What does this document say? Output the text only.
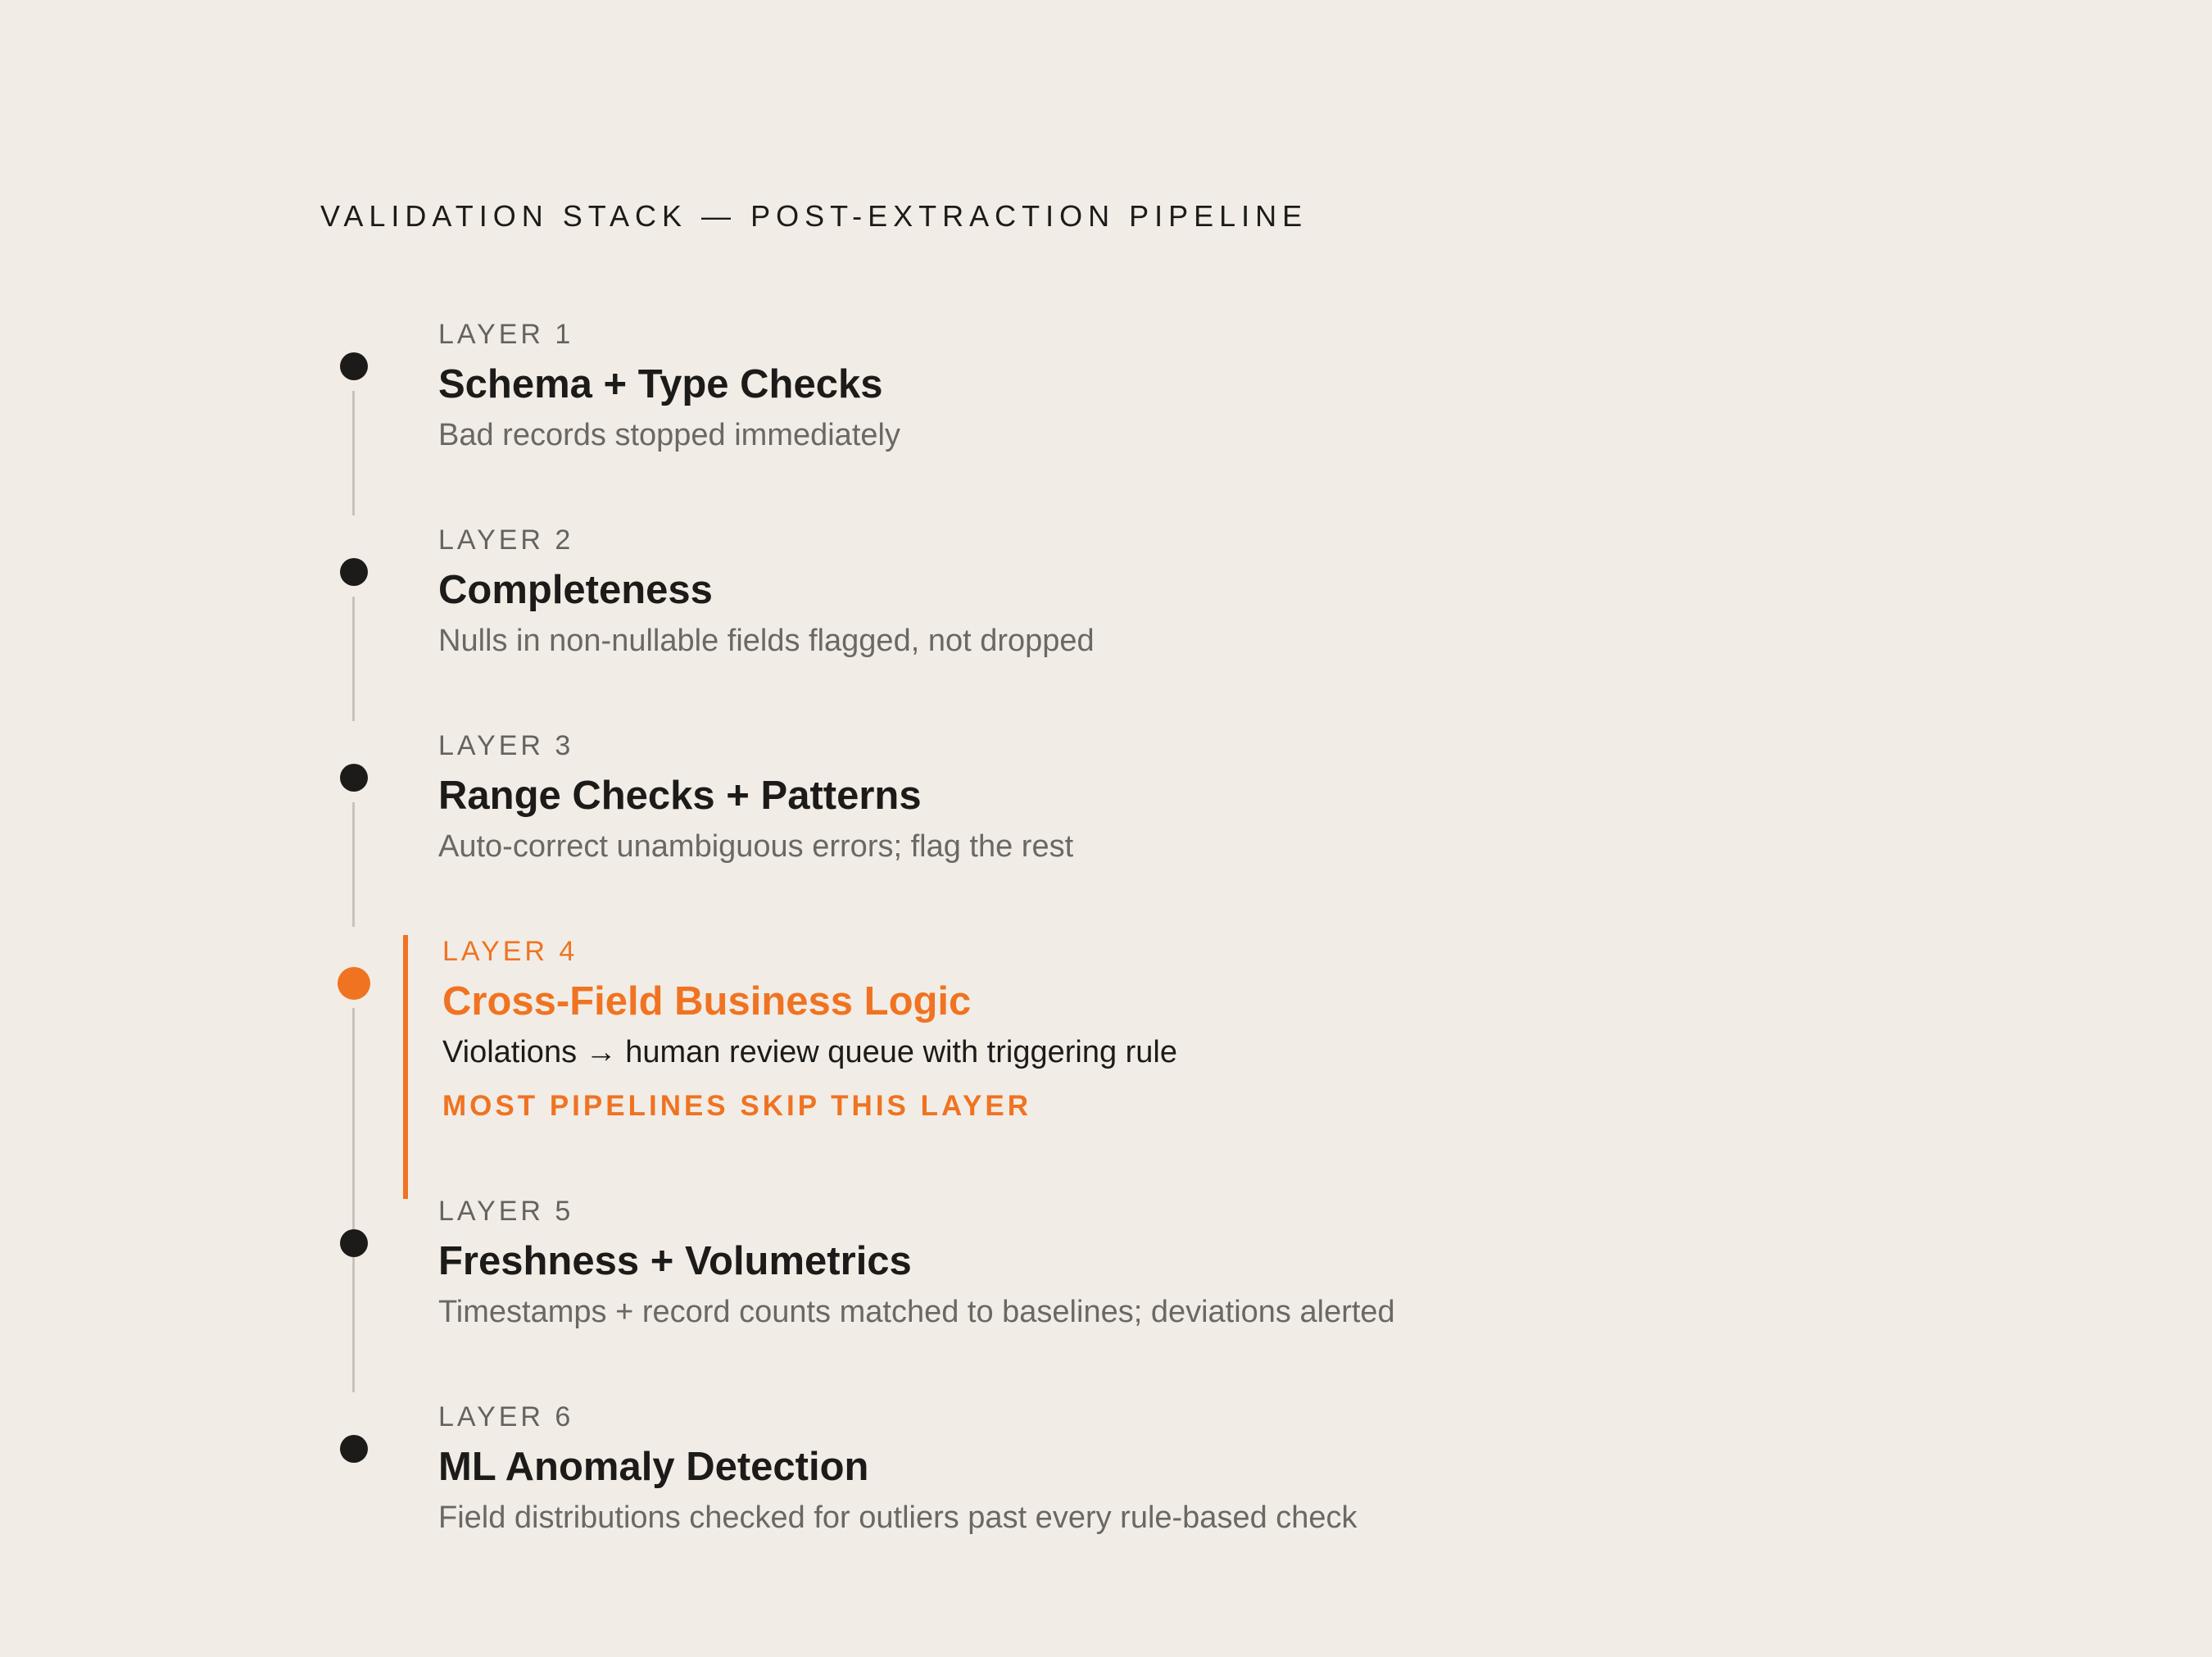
VALIDATION STACK — POST-EXTRACTION PIPELINE
LAYER 1
Schema + Type Checks
Bad records stopped immediately
LAYER 2
Completeness
Nulls in non-nullable fields flagged, not dropped
LAYER 3
Range Checks + Patterns
Auto-correct unambiguous errors; flag the rest
LAYER 4
Cross-Field Business Logic
Violations → human review queue with triggering rule
MOST PIPELINES SKIP THIS LAYER
LAYER 5
Freshness + Volumetrics
Timestamps + record counts matched to baselines; deviations alerted
LAYER 6
ML Anomaly Detection
Field distributions checked for outliers past every rule-based check
